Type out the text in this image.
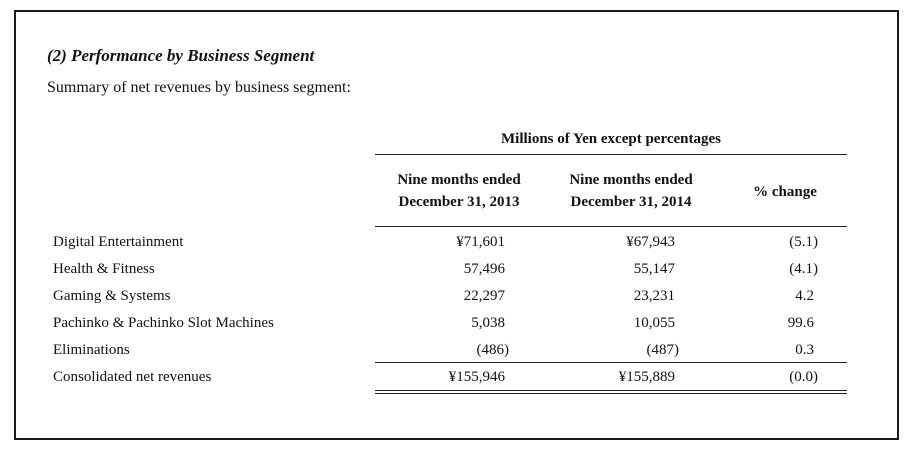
(2) Performance by Business Segment
Summary of net revenues by business segment:
Millions of Yen except percentages
Nine months ended
December 31, 2013
Nine months ended
December 31, 2014
% change
Digital Entertainment	¥71,601	¥67,943	(5.1)
Health & Fitness	57,496	55,147	(4.1)
Gaming & Systems	22,297	23,231	4.2
Pachinko & Pachinko Slot Machines	5,038	10,055	99.6
Eliminations	(486)	(487)	0.3
Consolidated net revenues	¥155,946	¥155,889	(0.0)
